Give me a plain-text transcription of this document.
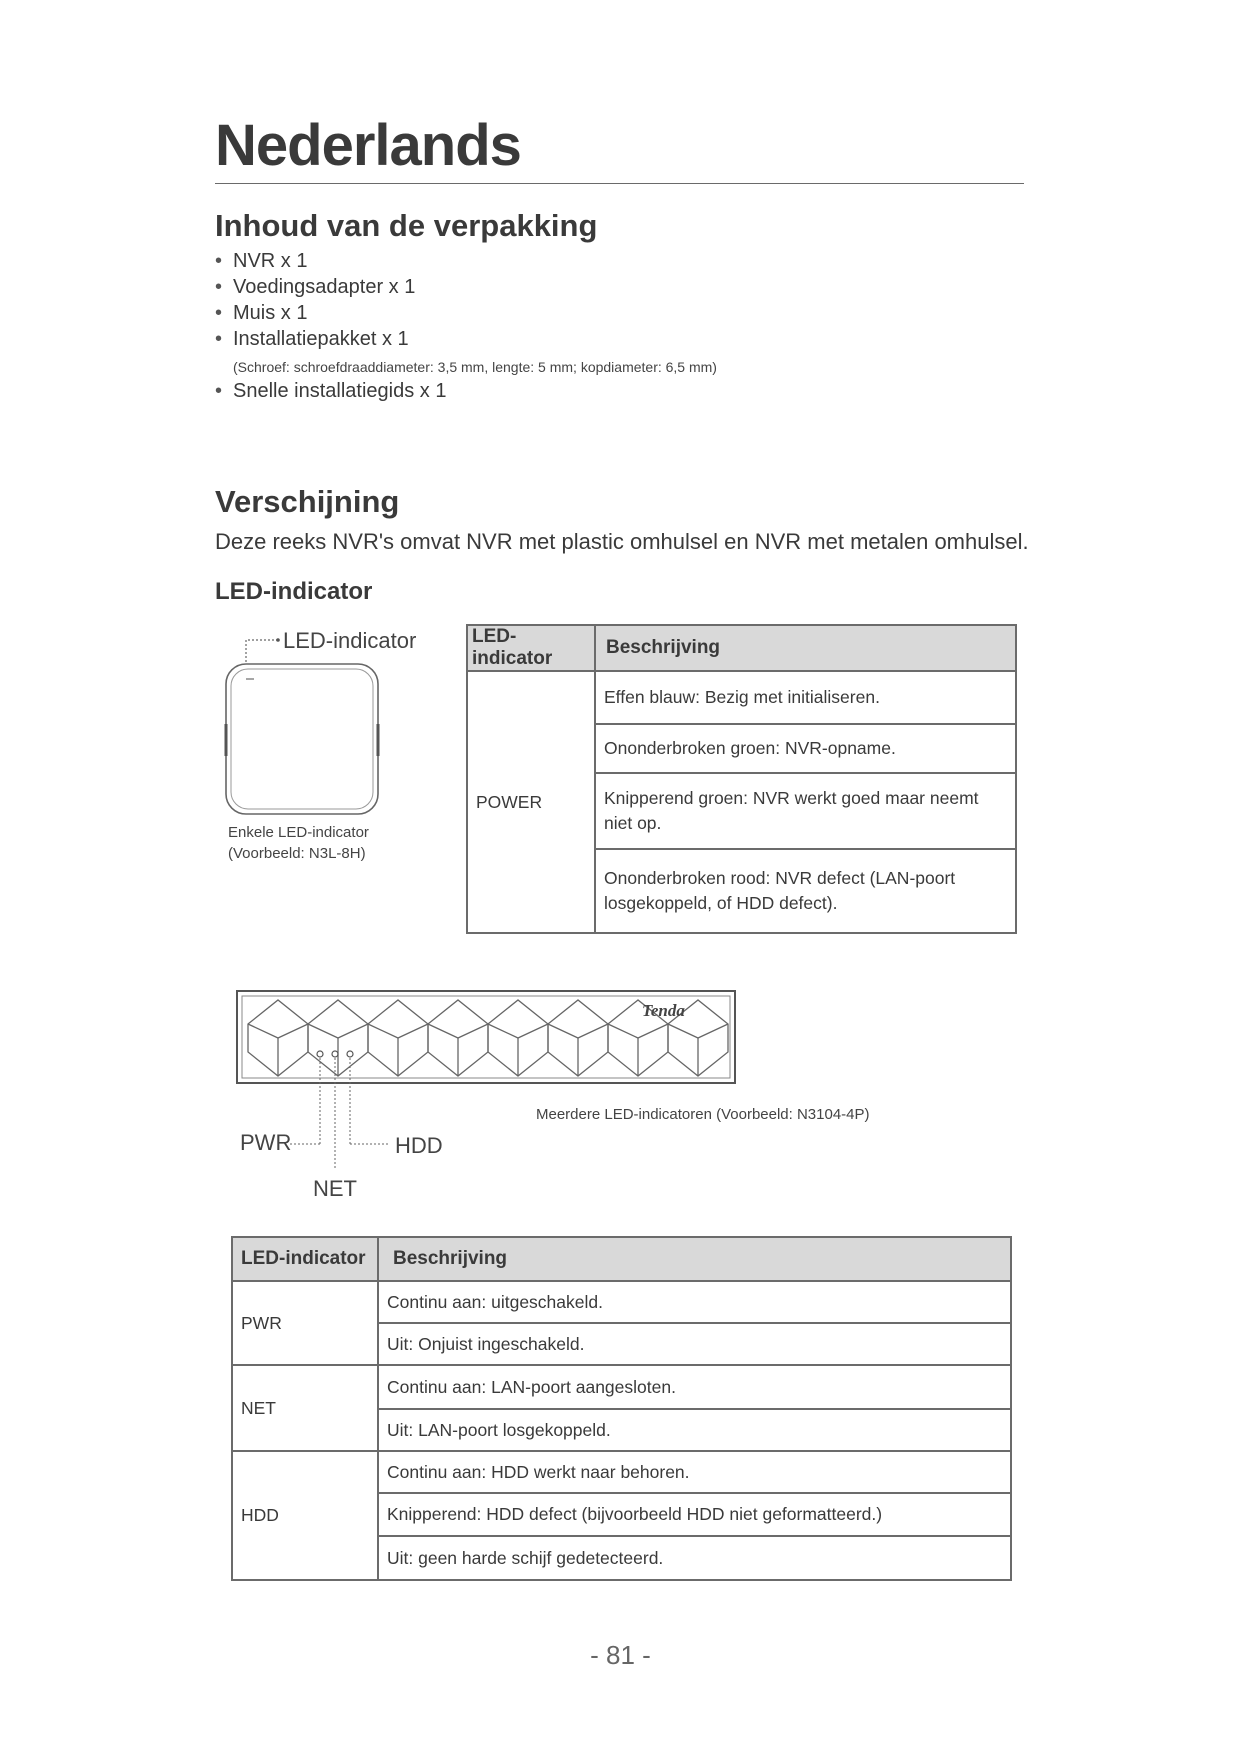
Nederlands
Inhoud van de verpakking
• NVR x 1
• Voedingsadapter x 1
• Muis x 1
• Installatiepakket x 1
(Schroef: schroefdraaddiameter: 3,5 mm, lengte: 5 mm; kopdiameter: 6,5 mm)
• Snelle installatiegids x 1
Verschijning
Deze reeks NVR's omvat NVR met plastic omhulsel en NVR met metalen omhulsel.
LED-indicator
LED-indicator
Enkele LED-indicator
(Voorbeeld: N3L-8H)
LED-indicator	Beschrijving
POWER	Effen blauw: Bezig met initialiseren.
	Ononderbroken groen: NVR-opname.
	Knipperend groen: NVR werkt goed maar neemt niet op.
	Ononderbroken rood: NVR defect (LAN-poort losgekoppeld, of HDD defect).
Tenda
PWR	HDD
NET
Meerdere LED-indicatoren (Voorbeeld: N3104-4P)
LED-indicator	Beschrijving
PWR	Continu aan: uitgeschakeld.
	Uit: Onjuist ingeschakeld.
NET	Continu aan: LAN-poort aangesloten.
	Uit: LAN-poort losgekoppeld.
HDD	Continu aan: HDD werkt naar behoren.
	Knipperend: HDD defect (bijvoorbeeld HDD niet geformatteerd.)
	Uit: geen harde schijf gedetecteerd.
- 81 -
